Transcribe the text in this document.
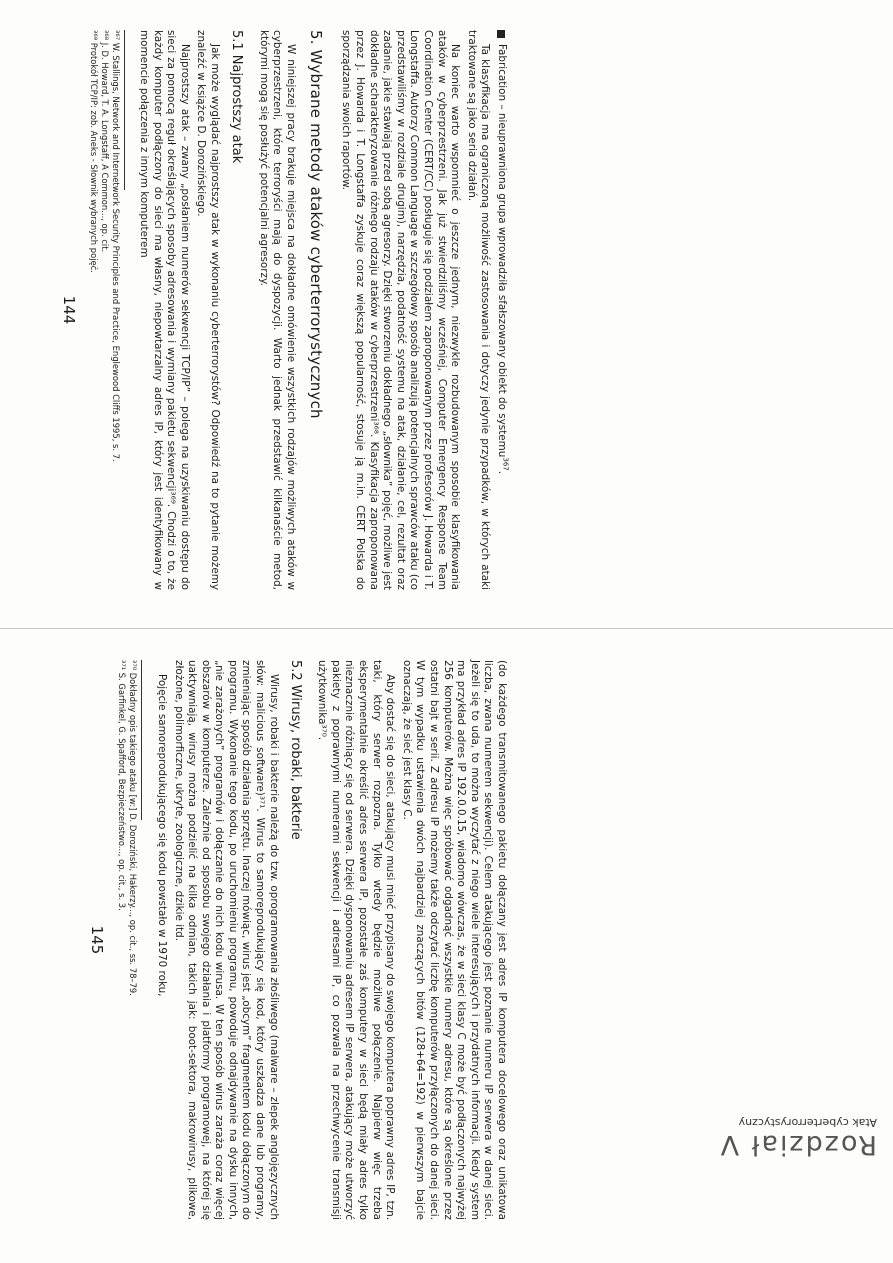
Fabrication – nieuprawniona grupa wprowadziła sfałszowany obiekt do systemu$^{367}$.

Ta klasyfikacja ma ograniczoną możliwość zastosowania i dotyczy jedynie przypadków, w których ataki traktowane są jako seria działań.

Na koniec warto wspomnieć o jeszcze jednym, niezwykle rozbudowanym sposobie klasyfikowania ataków w cyberprzestrzeni. Jak już stwierdziliśmy wcześniej, Computer Emergency Response Team Coordination Center (CERT/CC) posługuje się podziałem zaproponowanym przez profesorów J. Howarda i T. Longstaffa. Autorzy Common Language w szczegółowy sposób analizują potencjalnych sprawców ataku (co przedstawiliśmy w rozdziale drugim), narzędzia, podatność systemu na atak, działanie, cel, rezultat oraz zadanie, jakie stawiają przed sobą agresorzy. Dzięki stworzeniu dokładnego „słownika” pojęć, możliwe jest dokładne scharakteryzowanie różnego rodzaju ataków w cyberprzestrzeni³⁶⁸. Klasyfikacja zaproponowana przez J. Howarda i T. Longstaffa zyskuje coraz większą popularność, stosuje ją m.in. CERT Polska do sporządzania swoich raportów.

5. Wybrane metody ataków cyberterrorystycznych

W niniejszej pracy brakuje miejsca na dokładne omówienie wszystkich rodzajów możliwych ataków w cyberprzestrzeni, które terroryści mają do dyspozycji. Warto jednak przedstawić kilkanaście metod, którymi mogą się posłużyć potencjalni agresorzy.

5.1 Najprostszy atak

Jak może wyglądać najprostszy atak w wykonaniu cyberterrorystów? Odpowiedź na to pytanie możemy znaleźć w książce D. Dorozińskiego.

Najprostszy atak – zwany „posłaniem numerów sekwencji TCP/IP” – polega na uzyskiwaniu dostępu do sieci za pomocą reguł określających sposoby adresowania i wymiany pakietu sekwencji³⁶⁹. Chodzi o to, że każdy komputer podłączony do sieci ma własny, niepowtarzalny adres IP, który jest identyfikowany w momencie połączenia z innym komputerem

³⁶⁷ W. Stallings, Network and Internetwork Security Principles and Practice, Englewood Cliffs 1995, s. 7.

³⁶⁸ J. D. Howard, T. A. Longstaff, A Common..., op. cit.

³⁶⁹ Protokół TCP/IP: zob. Aneks - Słownik wybranych pojęć.

144

(do każdego transmitowanego pakietu dołączany jest adres IP komputera docelowego oraz unikatowa liczba, zwana numerem sekwencji). Celem atakującego jest poznanie numeru IP serwera w danej sieci. Jeżeli się to uda, to można wyczytać z niego wiele interesujących i przydatnych informacji. Kiedy system ma przykład adres IP 192.0.0.15, wiadomo wówczas, że w sieci klasy C może być podłączonych najwyżej 256 komputerów. Można więc spróbować odgadnąć wszystkie numery adresu, które są określone przez ostatni bajt w serii. Z adresu IP możemy także odczytać liczbę komputerów przyłączonych do danej sieci. W tym wypadku ustawienia dwóch najbardziej znaczących bitów (128+64=192) w pierwszym bajcie oznaczają, że sieć jest klasy C.

Aby dostać się do sieci, atakujący musi mieć przypisany do swojego komputera poprawny adres IP, tzn. taki, który serwer rozpozna. Tylko wtedy będzie możliwe połączenie. Najpierw więc trzeba eksperymentalnie określić adres serwera IP, pozostałe zaś komputery w sieci będą miały adres tylko nieznacznie różniący się od serwera. Dzięki dysponowaniu adresem IP serwera, atakujący może utworzyć pakiety z poprawnymi numerami sekwencji i adresami IP, co pozwala na przechwycenie transmisji użytkownika³⁷⁰.

5.2 Wirusy, robaki, bakterie

Wirusy, robaki i bakterie należą do tzw. oprogramowania złośliwego (malware – zlepek anglojęzycznych słów: malicious software)³⁷¹. Wirus to samoreprodukujący się kod, który uszkadza dane lub programy, zmieniając sposób działania sprzętu. Inaczej mówiąc, wirus jest „obcym” fragmentem kodu dołączonym do programu. Wykonanie tego kodu, po uruchomieniu programu, powoduje odnajdywanie na dysku innych, „nie zarażonych” programów i dołączanie do nich kodu wirusa. W ten sposób wirus zaraża coraz więcej obszarów w komputerze. Zależnie od sposobu swojego działania i platformy programowej, na której się uaktywniają, wirusy można podzielić na kilka odmian, takich jak: boot-sektora, makrowirusy, plikowe, złożone, polimorficzne, ukryte, zoologiczne, dzikie itd.

Pojęcie samoreprodukującego się kodu powstało w 1970 roku,

³⁷⁰ Dokładny opis takiego ataku [w:] D. Doroziński, Hakerzy..., op. cit., ss. 78–79.

³⁷¹ S. Garfinkel, G. Spafford, Bezpieczeństwo..., op. cit., s. 3.

145
Rozdział V
Atak cyberterrorystyczny
